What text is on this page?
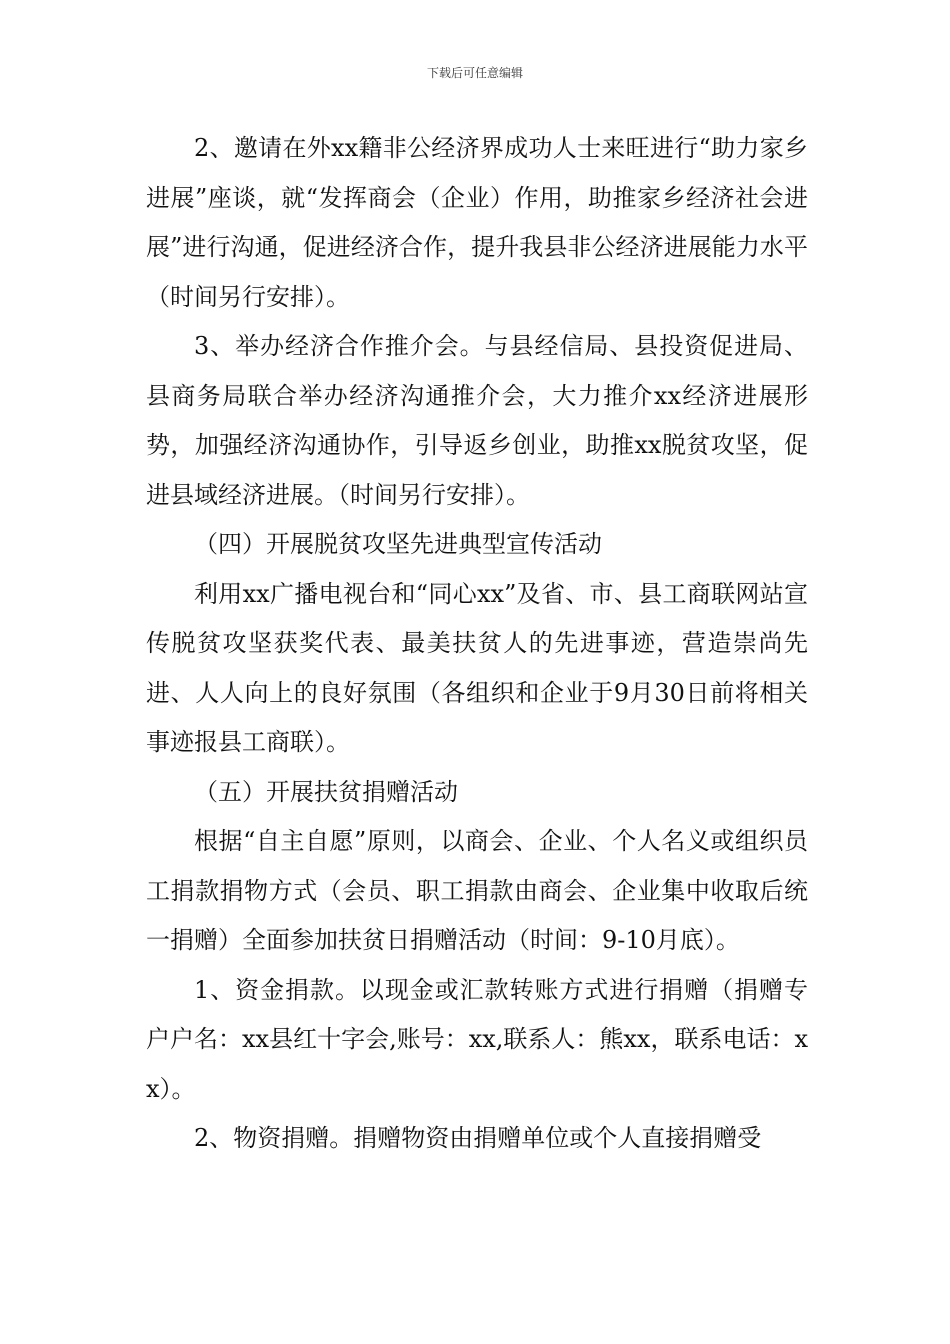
下载后可任意编辑

2、邀请在外xx籍非公经济界成功人士来旺进行“助力家乡进展”座谈，就“发挥商会（企业）作用，助推家乡经济社会进展”进行沟通，促进经济合作，提升我县非公经济进展能力水平（时间另行安排）。

3、举办经济合作推介会。与县经信局、县投资促进局、县商务局联合举办经济沟通推介会，大力推介xx经济进展形势，加强经济沟通协作，引导返乡创业，助推xx脱贫攻坚，促进县域经济进展。（时间另行安排）。

（四）开展脱贫攻坚先进典型宣传活动

利用xx广播电视台和“同心xx”及省、市、县工商联网站宣传脱贫攻坚获奖代表、最美扶贫人的先进事迹，营造崇尚先进、人人向上的良好氛围（各组织和企业于9月30日前将相关事迹报县工商联）。

（五）开展扶贫捐赠活动

根据“自主自愿”原则，以商会、企业、个人名义或组织员工捐款捐物方式（会员、职工捐款由商会、企业集中收取后统一捐赠）全面参加扶贫日捐赠活动（时间：9-10月底）。

1、资金捐款。以现金或汇款转账方式进行捐赠（捐赠专户户名：xx县红十字会,账号：xx,联系人：熊xx，联系电话：xx）。

2、物资捐赠。捐赠物资由捐赠单位或个人直接捐赠受
